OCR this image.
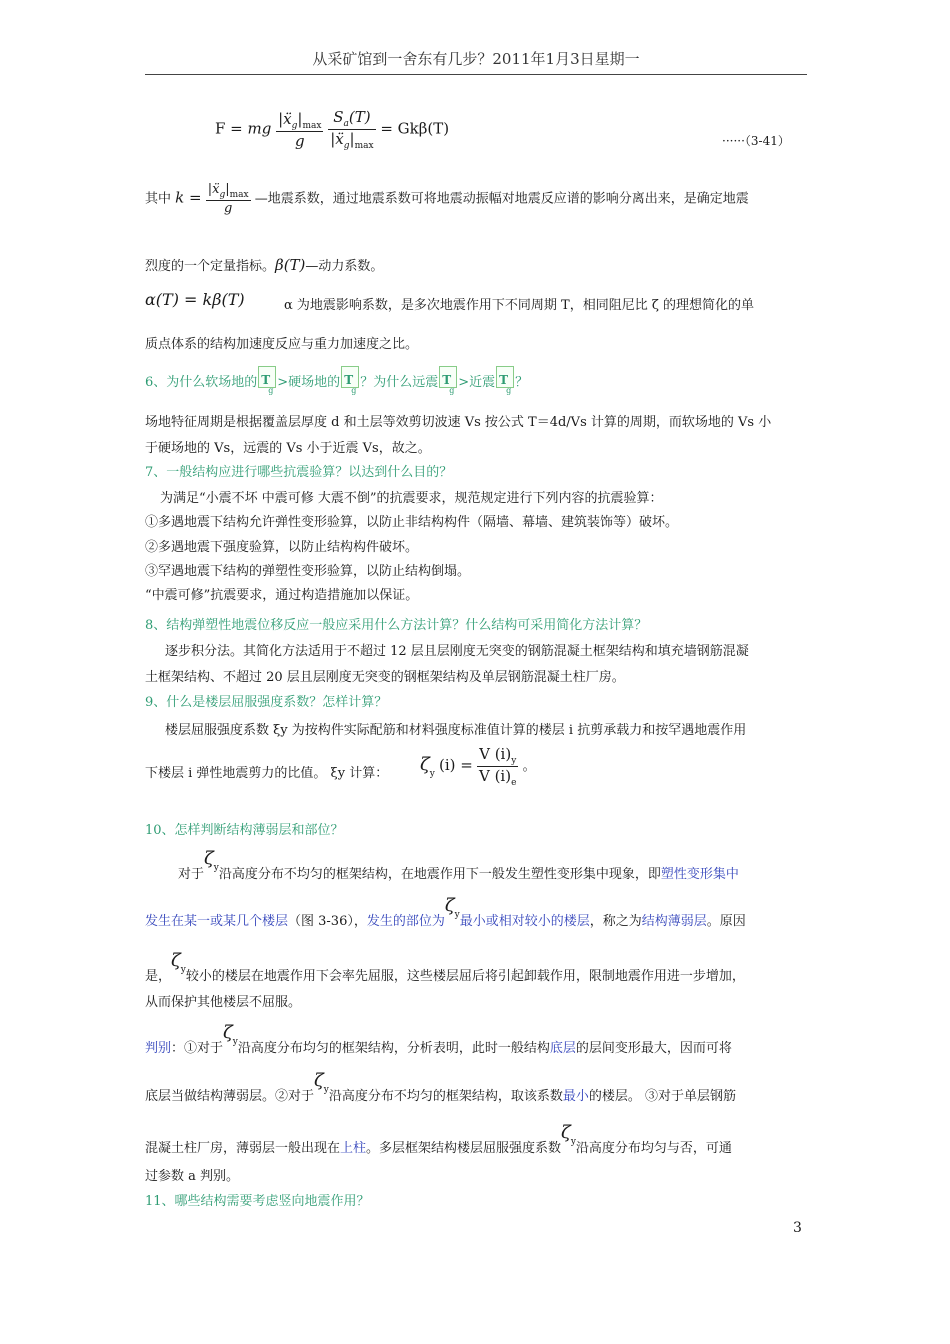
从采矿馆到一舍东有几步？2011年1月3日星期一
F = mg $\frac{|ẍ_g|_{max}}{g}$
$\frac{S_a(T)}{|ẍ_g|_{max}} = Gk\beta(T)$
······（3-41）
其中 $k = \frac{|ẍ_g|_{max}}{g}$ —地震系数，通过地震系数可将地震动振幅对地震反应谱的影响分离出来，是确定地震
烈度的一个定量指标。β(T)—动力系数。
α(T) = kβ(T)	α 为地震影响系数，是多次地震作用下不同周期 T，相同阻尼比 ζ 的理想简化的单
质点体系的结构加速度反应与重力加速度之比。
6、为什么软场地的 T
g
>硬场地的 T
g
？为什么远震 T
g
>近震 T
g
？
场地特征周期是根据覆盖层厚度 d 和土层等效剪切波速 Vs 按公式 T＝4d/Vs 计算的周期，而软场地的 Vs 小
于硬场地的 Vs，远震的 Vs 小于近震 Vs，故之。
7、一般结构应进行哪些抗震验算？以达到什么目的？
为满足“小震不坏 中震可修 大震不倒”的抗震要求，规范规定进行下列内容的抗震验算：
①多遇地震下结构允许弹性变形验算，以防止非结构构件（隔墙、幕墙、建筑装饰等）破坏。
②多遇地震下强度验算，以防止结构构件破坏。
③罕遇地震下结构的弹塑性变形验算，以防止结构倒塌。
“中震可修”抗震要求，通过构造措施加以保证。
8、结构弹塑性地震位移反应一般应采用什么方法计算？什么结构可采用简化方法计算？
逐步积分法。其简化方法适用于不超过 12 层且层刚度无突变的钢筋混凝土框架结构和填充墙钢筋混凝
土框架结构、不超过 20 层且层刚度无突变的钢框架结构及单层钢筋混凝土柱厂房。
9、什么是楼层屈服强度系数？怎样计算？
楼层屈服强度系数 ξy 为按构件实际配筋和材料强度标准值计算的楼层 i 抗剪承载力和按罕遇地震作用
下楼层 i 弹性地震剪力的比值。 ξy 计算： $\zeta_y$ $(i) = \frac{V (i)_y}{V (i)_e}$ 。
10、怎样判断结构薄弱层和部位？
对于$\zeta_y$沿高度分布不均匀的框架结构，在地震作用下一般发生塑性变形集中现象，即塑性变形集中
发生在某一或某几个楼层（图 3-36），发生的部位为$\zeta_y$最小或相对较小的楼层，称之为结构薄弱层。原因
是，$\zeta_y$较小的楼层在地震作用下会率先屈服，这些楼层屈后将引起卸载作用，限制地震作用进一步增加，
从而保护其他楼层不屈服。
判别：①对于$\zeta_y$沿高度分布均匀的框架结构，分析表明，此时一般结构底层的层间变形最大，因而可将
底层当做结构薄弱层。②对于$\zeta_y$沿高度分布不均匀的框架结构，取该系数最小的楼层。 ③对于单层钢筋
混凝土柱厂房，薄弱层一般出现在上柱。多层框架结构楼层屈服强度系数$\zeta_y$沿高度分布均匀与否，可通
过参数 a 判别。
11、哪些结构需要考虑竖向地震作用？
3
